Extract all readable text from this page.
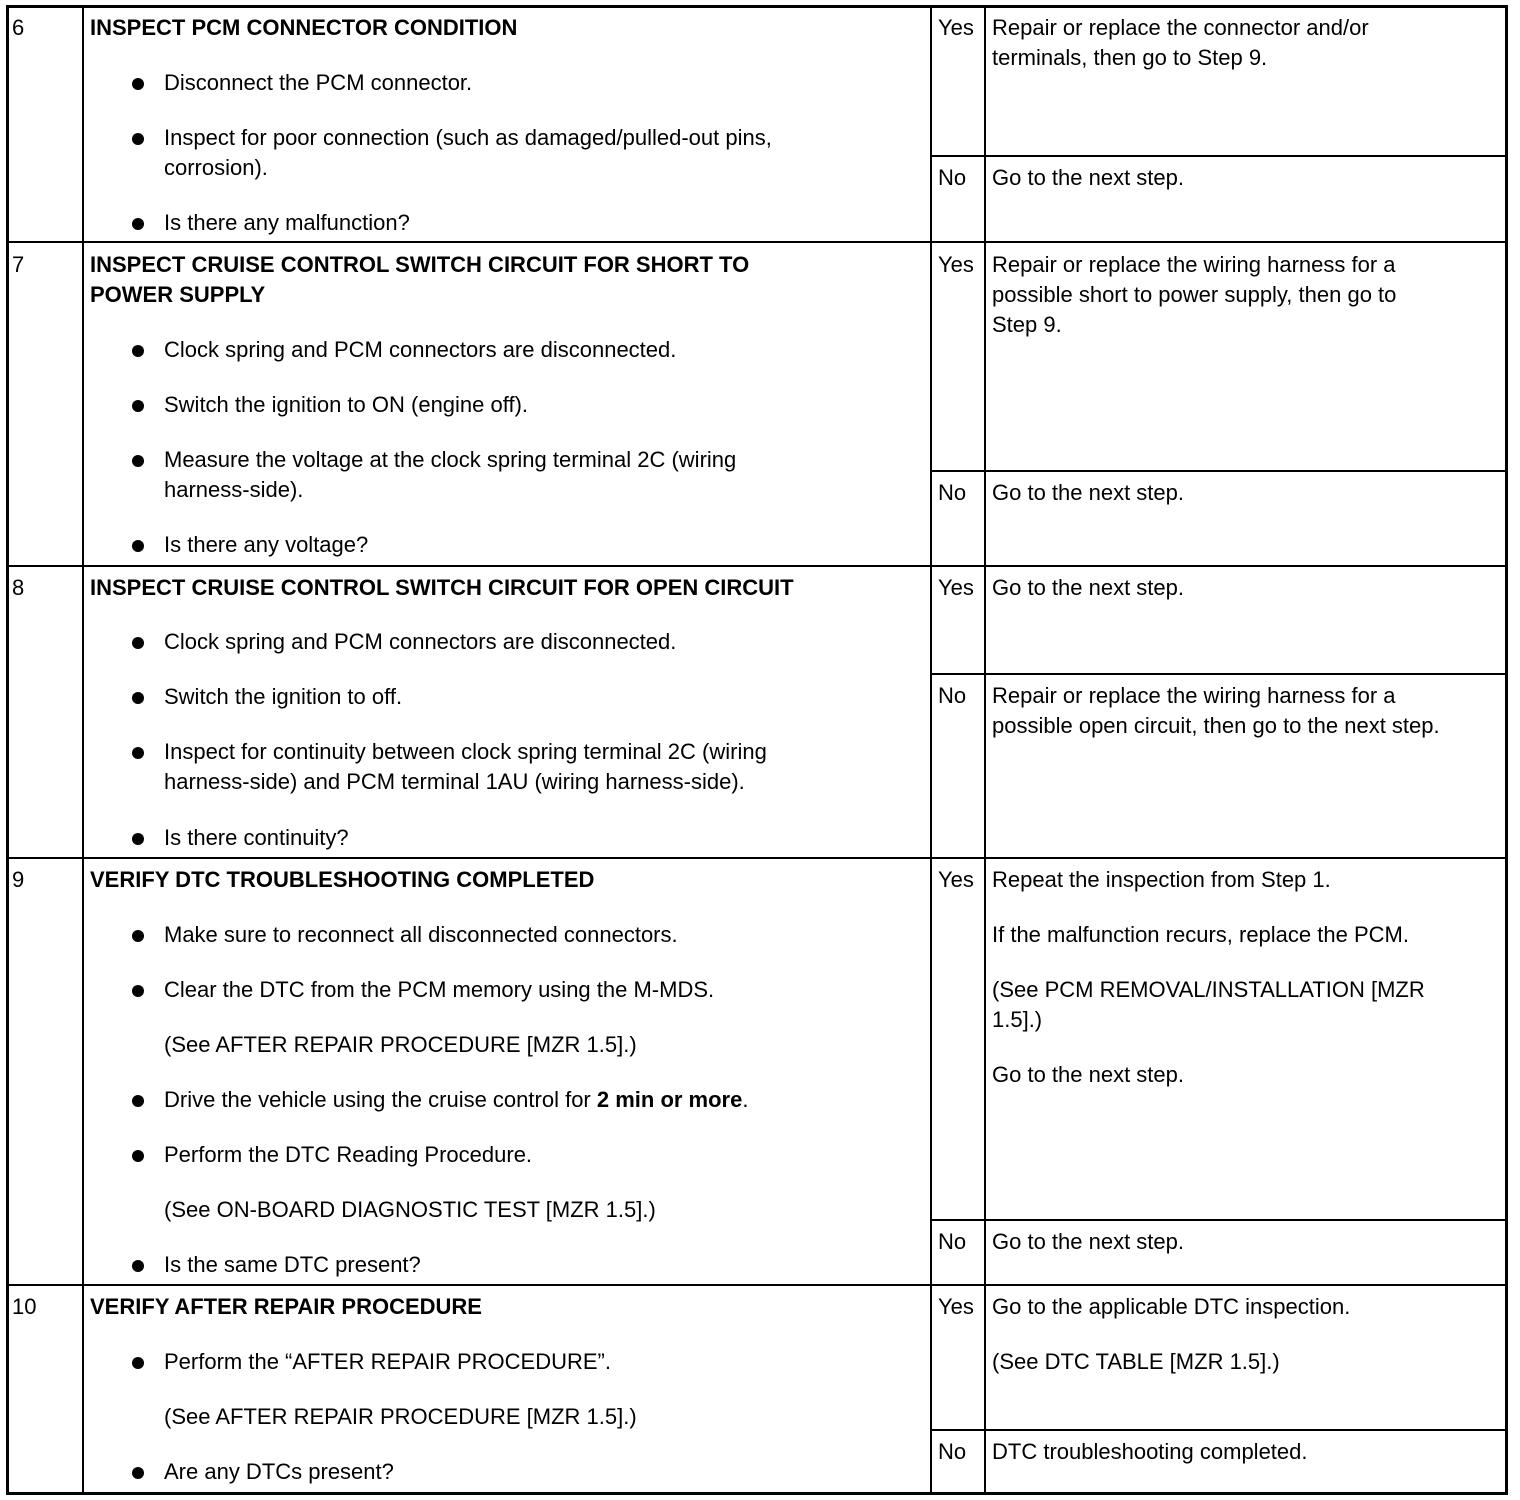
6	INSPECT PCM CONNECTOR CONDITION
Disconnect the PCM connector.
Inspect for poor connection (such as damaged/pulled-out pins,
corrosion).
Is there any malfunction?
Yes Repair or replace the connector and/or
terminals, then go to Step 9.
No Go to the next step.
7	INSPECT CRUISE CONTROL SWITCH CIRCUIT FOR SHORT TO
POWER SUPPLY
Clock spring and PCM connectors are disconnected.
Switch the ignition to ON (engine off).
Measure the voltage at the clock spring terminal 2C (wiring
harness-side).
Is there any voltage?
Yes Repair or replace the wiring harness for a
possible short to power supply, then go to
Step 9.
No Go to the next step.
8	INSPECT CRUISE CONTROL SWITCH CIRCUIT FOR OPEN CIRCUIT
Clock spring and PCM connectors are disconnected.
Switch the ignition to off.
Inspect for continuity between clock spring terminal 2C (wiring
harness-side) and PCM terminal 1AU (wiring harness-side).
Is there continuity?
Yes Go to the next step.
No Repair or replace the wiring harness for a
possible open circuit, then go to the next step.
9	VERIFY DTC TROUBLESHOOTING COMPLETED
Make sure to reconnect all disconnected connectors.
Clear the DTC from the PCM memory using the M-MDS.
(See AFTER REPAIR PROCEDURE [MZR 1.5].)
Drive the vehicle using the cruise control for 2 min or more.
Perform the DTC Reading Procedure.
(See ON-BOARD DIAGNOSTIC TEST [MZR 1.5].)
Is the same DTC present?
Yes Repeat the inspection from Step 1.
If the malfunction recurs, replace the PCM.
(See PCM REMOVAL/INSTALLATION [MZR
1.5].)
Go to the next step.
No Go to the next step.
10 VERIFY AFTER REPAIR PROCEDURE
Perform the “AFTER REPAIR PROCEDURE”.
(See AFTER REPAIR PROCEDURE [MZR 1.5].)
Are any DTCs present?
Yes Go to the applicable DTC inspection.
(See DTC TABLE [MZR 1.5].)
No DTC troubleshooting completed.
